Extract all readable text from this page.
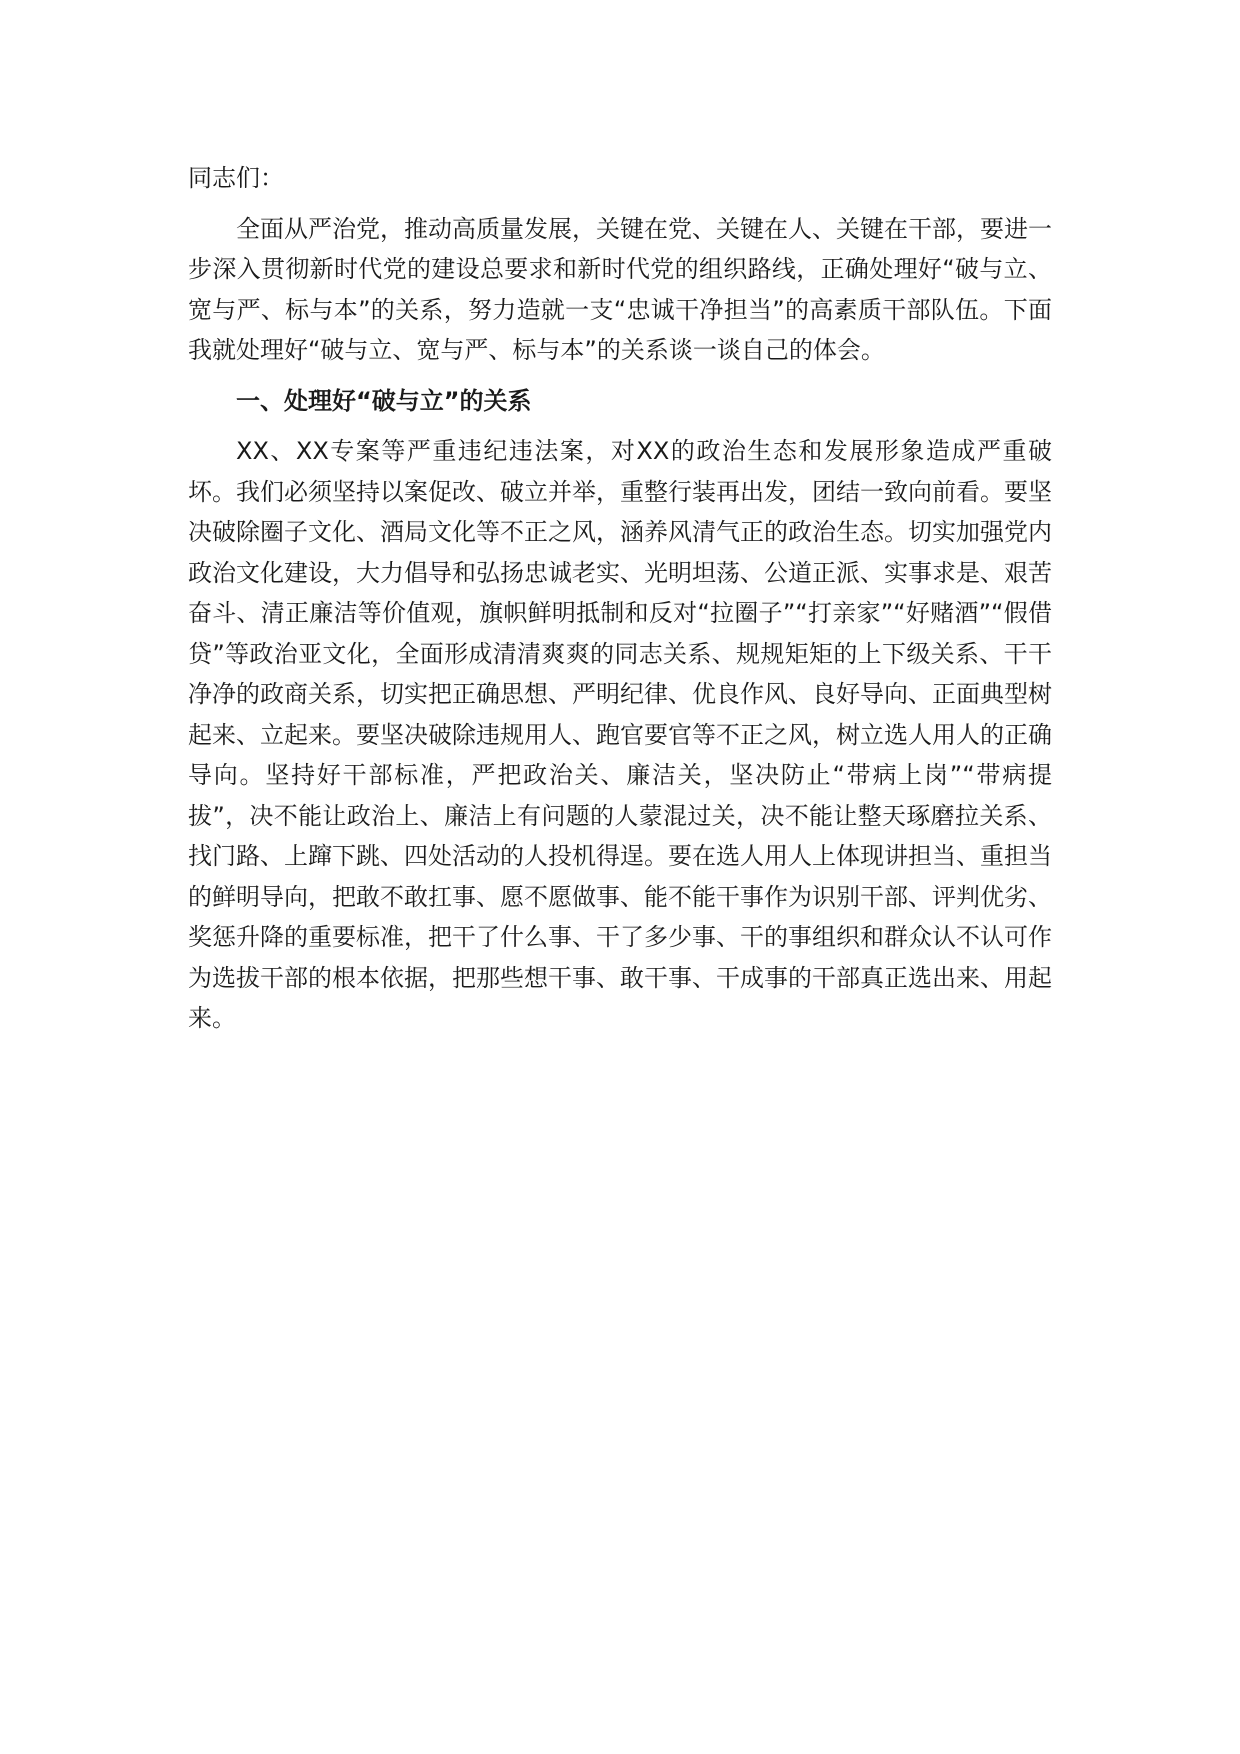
同志们：

全面从严治党，推动高质量发展，关键在党、关键在人、关键在干部，要进一步深入贯彻新时代党的建设总要求和新时代党的组织路线，正确处理好“破与立、宽与严、标与本”的关系，努力造就一支“忠诚干净担当”的高素质干部队伍。下面我就处理好“破与立、宽与严、标与本”的关系谈一谈自己的体会。

一、处理好“破与立”的关系

XX、XX专案等严重违纪违法案，对XX的政治生态和发展形象造成严重破坏。我们必须坚持以案促改、破立并举，重整行装再出发，团结一致向前看。要坚决破除圈子文化、酒局文化等不正之风，涵养风清气正的政治生态。切实加强党内政治文化建设，大力倡导和弘扬忠诚老实、光明坦荡、公道正派、实事求是、艰苦奋斗、清正廉洁等价值观，旗帜鲜明抵制和反对“拉圈子”“打亲家”“好赌酒”“假借贷”等政治亚文化，全面形成清清爽爽的同志关系、规规矩矩的上下级关系、干干净净的政商关系，切实把正确思想、严明纪律、优良作风、良好导向、正面典型树起来、立起来。要坚决破除违规用人、跑官要官等不正之风，树立选人用人的正确导向。坚持好干部标准，严把政治关、廉洁关，坚决防止“带病上岗”“带病提拔”，决不能让政治上、廉洁上有问题的人蒙混过关，决不能让整天琢磨拉关系、找门路、上蹿下跳、四处活动的人投机得逞。要在选人用人上体现讲担当、重担当的鲜明导向，把敢不敢扛事、愿不愿做事、能不能干事作为识别干部、评判优劣、奖惩升降的重要标准，把干了什么事、干了多少事、干的事组织和群众认不认可作为选拔干部的根本依据，把那些想干事、敢干事、干成事的干部真正选出来、用起来。
